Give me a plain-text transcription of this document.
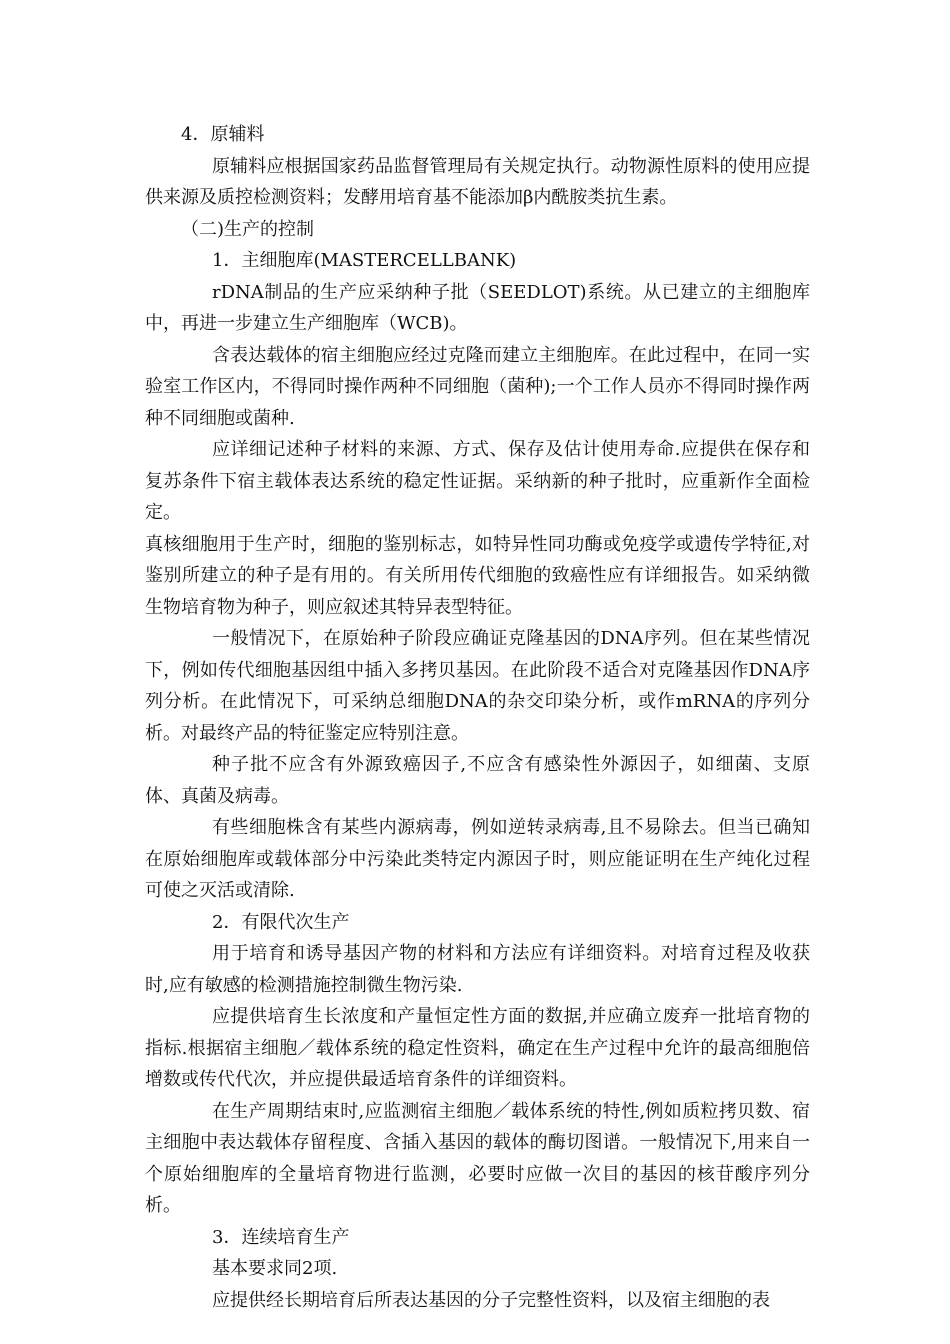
4．原辅料

原辅料应根据国家药品监督管理局有关规定执行。动物源性原料的使用应提供来源及质控检测资料；发酵用培育基不能添加β内酰胺类抗生素。

（二)生产的控制

1．主细胞库(MASTERCELLBANK)

rDNA制品的生产应采纳种子批（SEEDLOT)系统。从已建立的主细胞库中，再进一步建立生产细胞库（WCB)。

含表达载体的宿主细胞应经过克隆而建立主细胞库。在此过程中，在同一实验室工作区内，不得同时操作两种不同细胞（菌种);一个工作人员亦不得同时操作两种不同细胞或菌种.

应详细记述种子材料的来源、方式、保存及估计使用寿命.应提供在保存和复苏条件下宿主载体表达系统的稳定性证据。采纳新的种子批时，应重新作全面检定。

真核细胞用于生产时，细胞的鉴别标志，如特异性同功酶或免疫学或遗传学特征,对鉴别所建立的种子是有用的。有关所用传代细胞的致癌性应有详细报告。如采纳微生物培育物为种子，则应叙述其特异表型特征。

一般情况下，在原始种子阶段应确证克隆基因的DNA序列。但在某些情况下，例如传代细胞基因组中插入多拷贝基因。在此阶段不适合对克隆基因作DNA序列分析。在此情况下，可采纳总细胞DNA的杂交印染分析，或作mRNA的序列分析。对最终产品的特征鉴定应特别注意。

种子批不应含有外源致癌因子,不应含有感染性外源因子，如细菌、支原体、真菌及病毒。

有些细胞株含有某些内源病毒，例如逆转录病毒,且不易除去。但当已确知在原始细胞库或载体部分中污染此类特定内源因子时，则应能证明在生产纯化过程可使之灭活或清除.

2．有限代次生产

用于培育和诱导基因产物的材料和方法应有详细资料。对培育过程及收获时,应有敏感的检测措施控制微生物污染.

应提供培育生长浓度和产量恒定性方面的数据,并应确立废弃一批培育物的指标.根据宿主细胞／载体系统的稳定性资料，确定在生产过程中允许的最高细胞倍增数或传代代次，并应提供最适培育条件的详细资料。

在生产周期结束时,应监测宿主细胞／载体系统的特性,例如质粒拷贝数、宿主细胞中表达载体存留程度、含插入基因的载体的酶切图谱。一般情况下,用来自一个原始细胞库的全量培育物进行监测，必要时应做一次目的基因的核苷酸序列分析。

3．连续培育生产

基本要求同2项.

应提供经长期培育后所表达基因的分子完整性资料，以及宿主细胞的表
